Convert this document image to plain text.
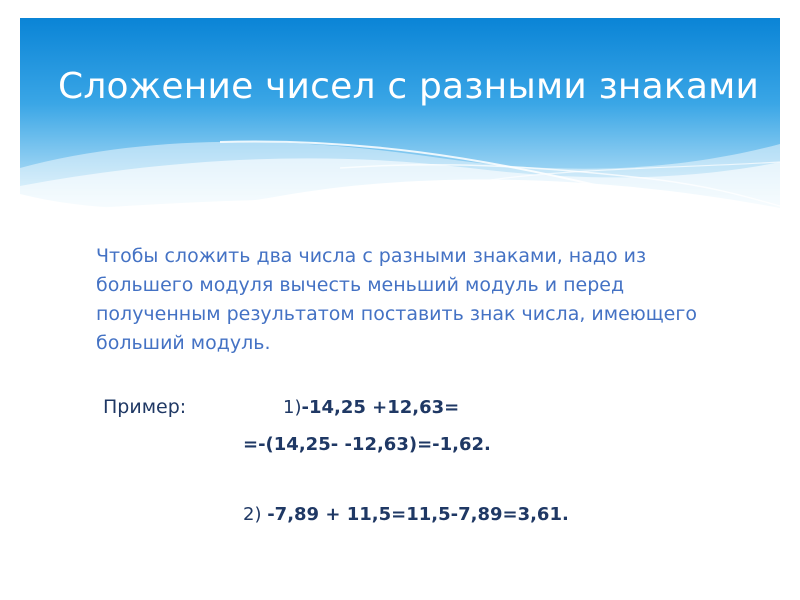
Сложение чисел с разными знаками

Чтобы сложить два числа с разными знаками, надо из большего модуля вычесть меньший модуль и перед полученным результатом поставить знак числа, имеющего больший модуль.

Пример:	1)-14,25 +12,63=
=-(14,25- -12,63)=-1,62.
2) -7,89 + 11,5=11,5-7,89=3,61.
